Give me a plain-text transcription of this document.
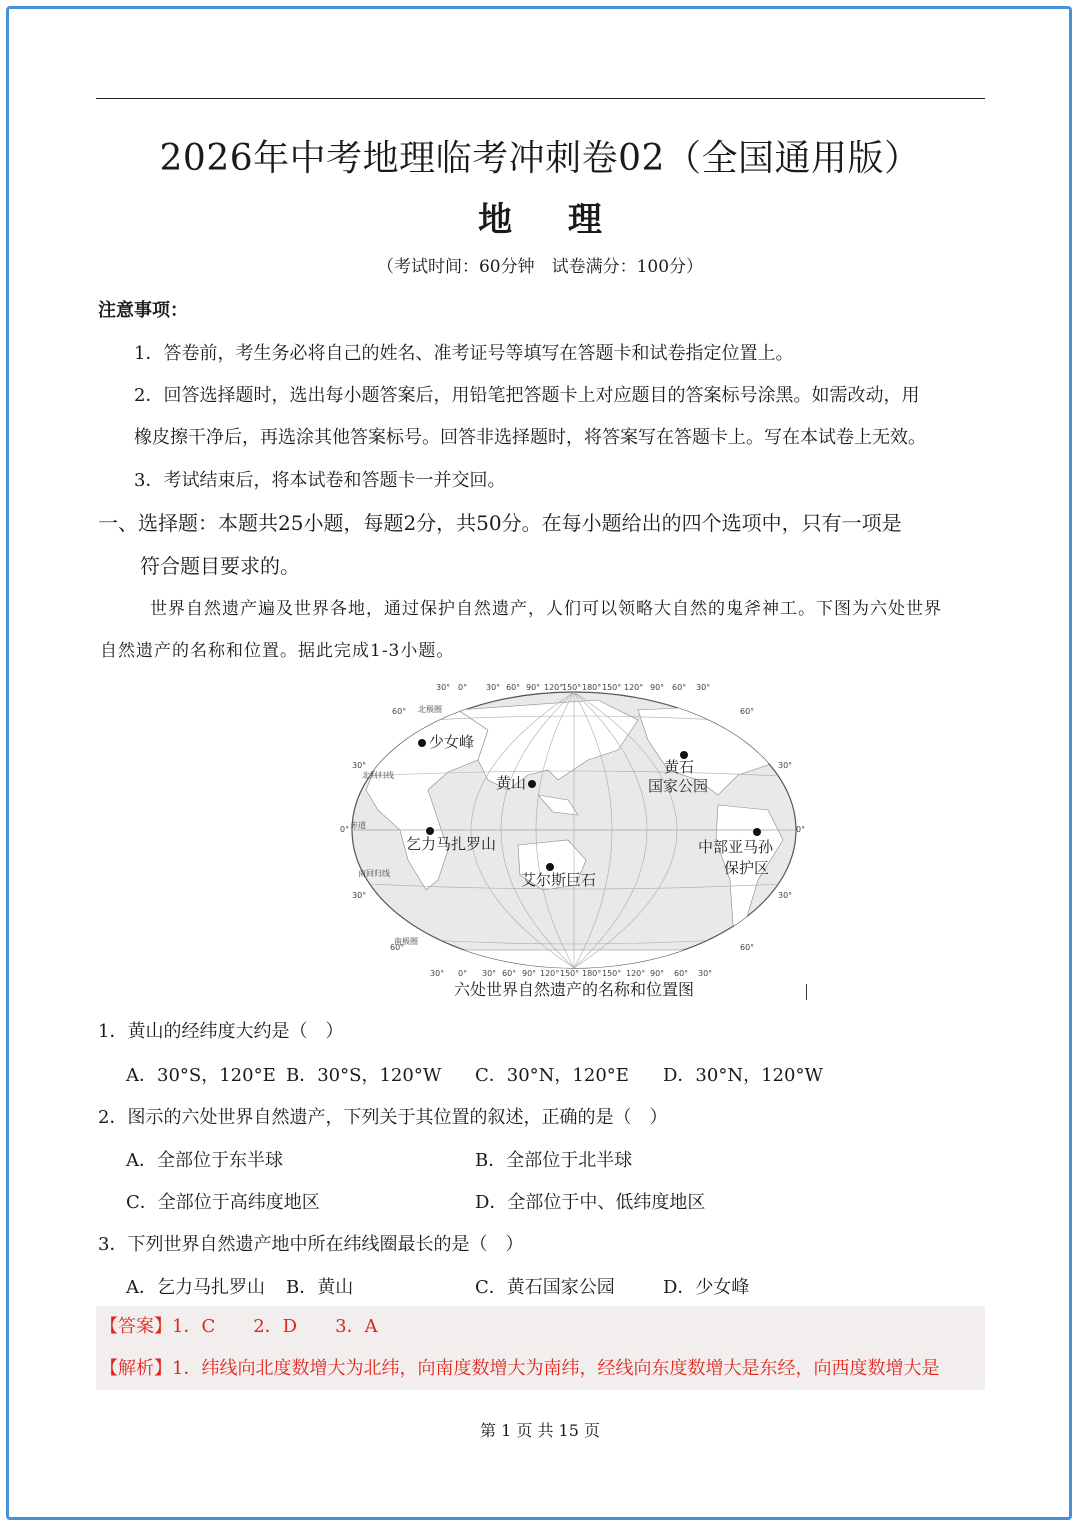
2026年中考地理临考冲刺卷02（全国通用版）
地 理
（考试时间：60分钟　试卷满分：100分）
注意事项：
1．答卷前，考生务必将自己的姓名、准考证号等填写在答题卡和试卷指定位置上。
2．回答选择题时，选出每小题答案后，用铅笔把答题卡上对应题目的答案标号涂黑。如需改动，用
橡皮擦干净后，再选涂其他答案标号。回答非选择题时，将答案写在答题卡上。写在本试卷上无效。
3．考试结束后，将本试卷和答题卡一并交回。
一、选择题：本题共25小题，每题2分，共50分。在每小题给出的四个选项中，只有一项是
符合题目要求的。
世界自然遗产遍及世界各地，通过保护自然遗产，人们可以领略大自然的鬼斧神工。下图为六处世界
自然遗产的名称和位置。据此完成1-3小题。
30° 0° 30° 60° 90° 120°
150° 180° 150° 120° 90° 60° 30°
30° 0° 30° 60° 90° 120° 150° 180° 150° 120° 90° 60° 30°
60°
30°
0°
30°
60°
60°
30°
0°
30°
60°
北极圈
北回归线
赤道
南回归线
南极圈
少女峰
黄山
黄石
国家公园
乞力马扎罗山	中部亚马孙
保护区
艾尔斯巨石
六处世界自然遗产的名称和位置图
1．黄山的经纬度大约是（　）
A．30°S，120°E B．30°S，120°W C．30°N，120°E D．30°N，120°W
2．图示的六处世界自然遗产，下列关于其位置的叙述，正确的是（　）
A．全部位于东半球	B．全部位于北半球
C．全部位于高纬度地区	D．全部位于中、低纬度地区
3．下列世界自然遗产地中所在纬线圈最长的是（　）
A．乞力马扎罗山 B．黄山	C．黄石国家公园	D．少女峰
【答案】1．C 2．D 3．A
【解析】1．纬线向北度数增大为北纬，向南度数增大为南纬，经线向东度数增大是东经，向西度数增大是
第 1 页 共 15 页
